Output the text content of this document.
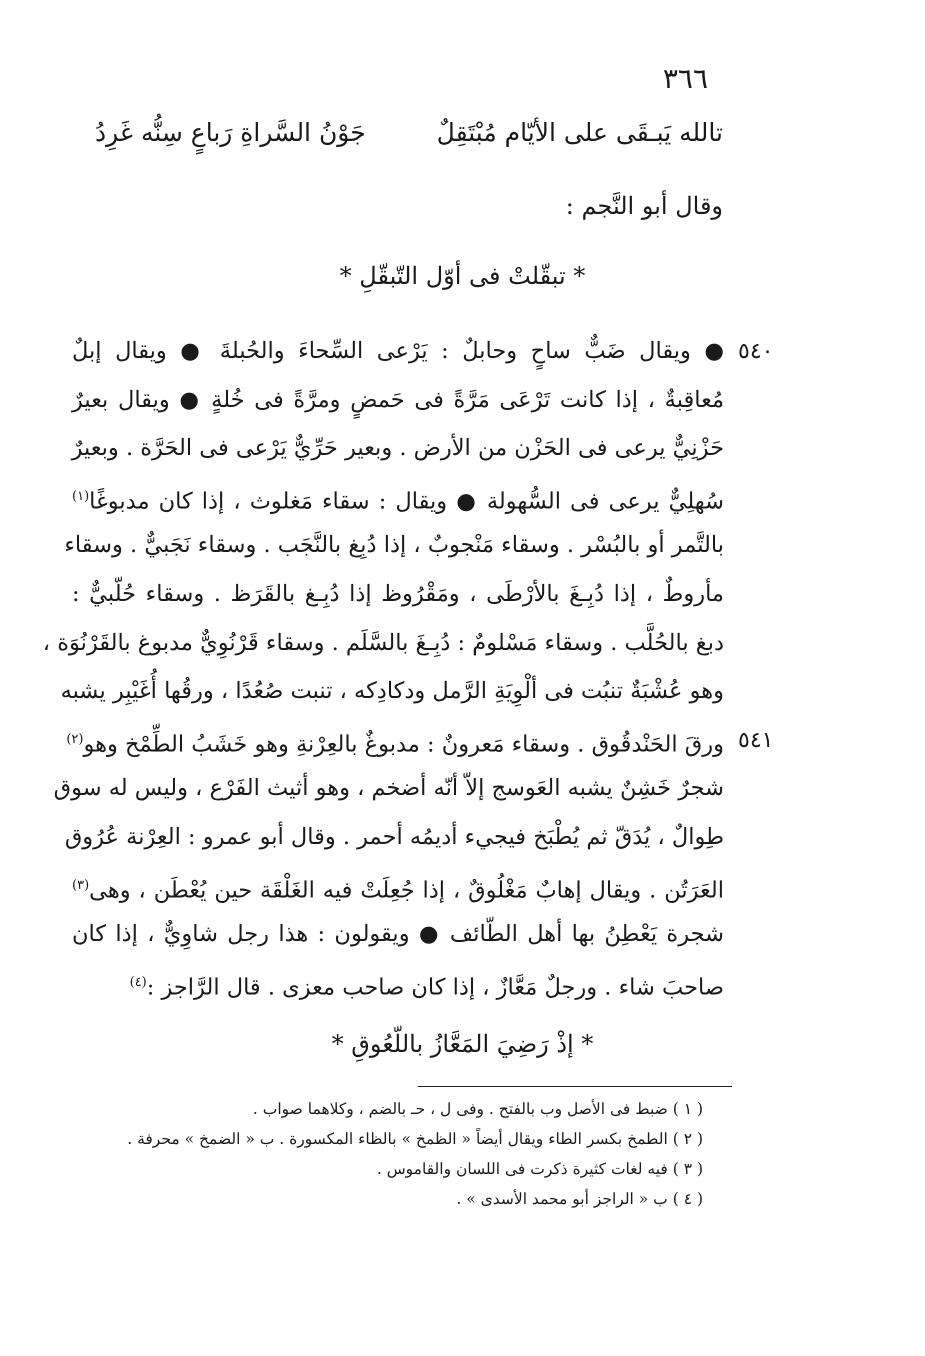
٣٦٦
تالله يَبـقَى على الأيّام مُبْتَقِلٌ
جَوْنُ السَّراةِ رَباعٍ سِنُّه غَرِدُ
وقال أبو النَّجم :
* تبقّلتْ فى أوّل التّبقّلِ *
٥٤٠
٥٤١
● ويقال ضَبٌّ ساحٍ وحابلٌ : يَرْعى السِّحاءَ والحُبلةَ ● ويقال إبلٌ
مُعاقِبةٌ ، إذا كانت تَرْعَى مَرَّةً فى حَمضٍ ومرَّةً فى خُلةٍ ● ويقال بعيرٌ
حَزْنِيٌّ يرعى فى الحَزْن من الأرض . وبعير حَرِّيٌّ يَرْعى فى الحَرَّة . وبعيرٌ
سُهلِيٌّ يرعى فى السُّهولة ● ويقال : سقاء مَغلوث ، إذا كان مدبوغًا$^{(١)}$
بالتَّمر أو بالبُسْر . وسقاء مَنْجوبٌ ، إذا دُبِغ بالنَّجَب . وسقاء نَجَبيٌّ . وسقاء
مأروطٌ ، إذا دُبِـغَ بالأرْطَى ، ومَقْرُوظ إذا دُبِـغ بالقَرَظ . وسقاء حُلّبيٌّ :
دبغ بالحُلَّب . وسقاء مَسْلومٌ : دُبِـغَ بالسَّلَم . وسقاء قَرْنُوِيٌّ مدبوغ بالقَرْنُوَة ،
وهو عُشْبَةٌ تنبُت فى ألْوِيَةِ الرَّمل ودكادِكه ، تنبت صُعُدًا ، ورقُها أُغَيْبِر يشبه
ورقَ الحَنْدقُوق . وسقاء مَعرونٌ : مدبوغٌ بالعِرْنةِ وهو خَشَبُ الطِّمْخ وهو$^{(٢)}$
شجرٌ خَشِنٌ يشبه العَوسج إلاّ أنّه أضخم ، وهو أثيث الفَرْع ، وليس له سوق
طِوالٌ ، يُدَقّ ثم يُطْبَخ فيجيء أديمُه أحمر . وقال أبو عمرو : العِرْنة عُرُوق
العَرَتُن . ويقال إهابٌ مَغْلُوقٌ ، إذا جُعِلَتْ فيه الغَلْقَة حين يُعْطَن ، وهى$^{(٣)}$
شجرة يَعْطِنُ بها أهل الطّائف ● ويقولون : هذا رجل شاوِيٌّ ، إذا كان
صاحبَ شاء . ورجلٌ مَعَّازٌ ، إذا كان صاحب معزى . قال الرَّاجز :$^{(٤)}$
* إذْ رَضِيَ المَعَّازُ باللّعُوقِ *
( ١ ) ضبط فى الأصل وب بالفتح . وفى ل ، حـ بالضم ، وكلاهما صواب .
( ٢ ) الطمخ بكسر الطاء ويقال أيضاً « الظمخ » بالظاء المكسورة . ب « الضمخ » محرفة .
( ٣ ) فيه لغات كثيرة ذكرت فى اللسان والقاموس .
( ٤ ) ب « الراجز أبو محمد الأسدى » .
